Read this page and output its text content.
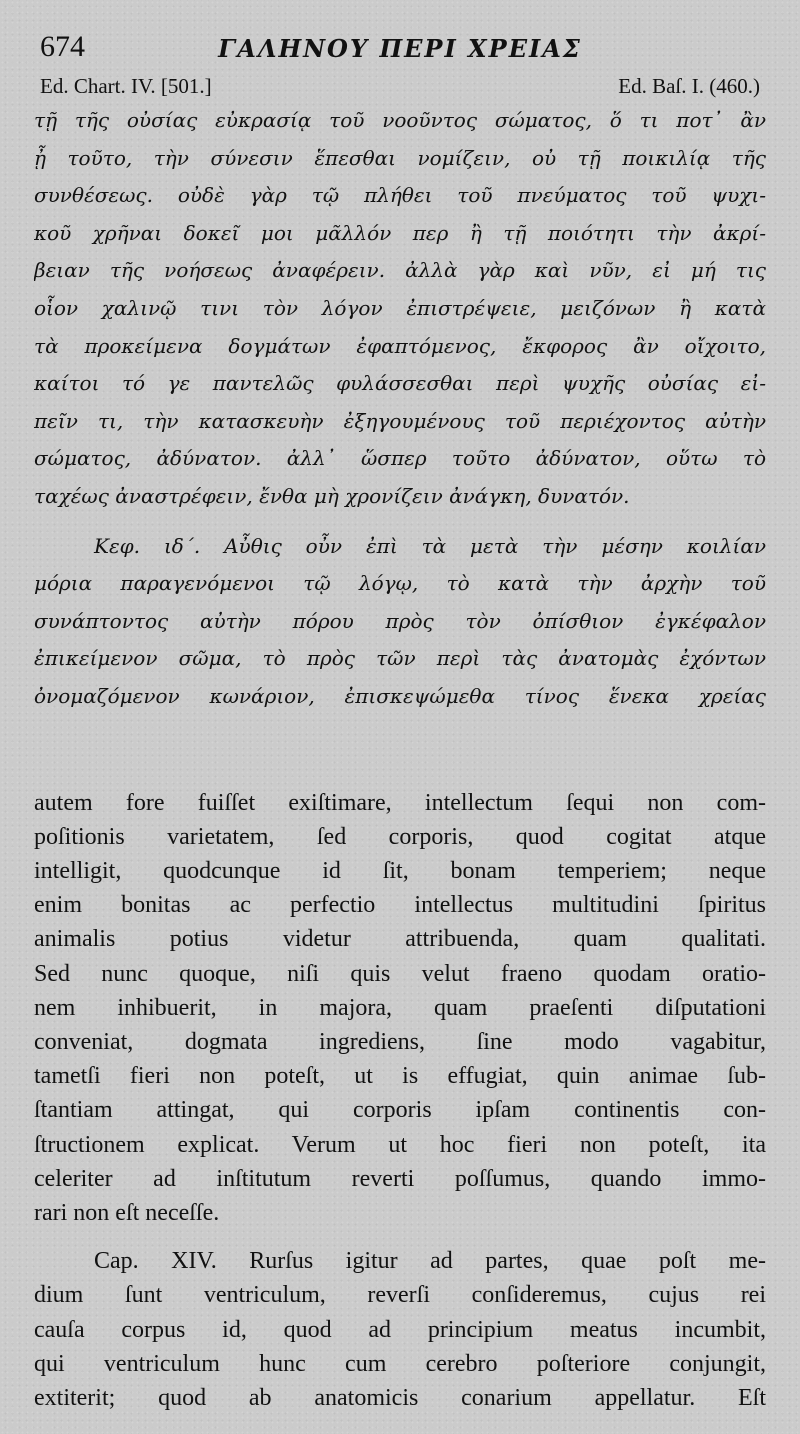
674	ΓΑΛΗΝΟΥ ΠΕΡΙ ΧΡΕΙΑΣ
Ed. Chart. IV. [501.]	Ed. Baſ. I. (460.)
τῇ τῆς οὐσίας εὐκρασίᾳ τοῦ νοοῦντος σώματος, ὅ τι ποτ᾽ ἂν
ᾖ τοῦτο, τὴν σύνεσιν ἕπεσθαι νομίζειν, οὐ τῇ ποικιλίᾳ τῆς
συνθέσεως. οὐδὲ γὰρ τῷ πλήθει τοῦ πνεύματος τοῦ ψυχι-
κοῦ χρῆναι δοκεῖ μοι μᾶλλόν περ ἢ τῇ ποιότητι τὴν ἀκρί-
βειαν τῆς νοήσεως ἀναφέρειν. ἀλλὰ γὰρ καὶ νῦν, εἰ μή τις
οἷον χαλινῷ τινι τὸν λόγον ἐπιστρέψειε, μειζόνων ἢ κατὰ
τὰ προκείμενα δογμάτων ἐφαπτόμενος, ἔκφορος ἂν οἴχοιτο,
καίτοι τό γε παντελῶς φυλάσσεσθαι περὶ ψυχῆς οὐσίας εἰ-
πεῖν τι, τὴν κατασκευὴν ἐξηγουμένους τοῦ περιέχοντος αὐτὴν
σώματος, ἀδύνατον. ἀλλ᾽ ὥσπερ τοῦτο ἀδύνατον, οὕτω τὸ
ταχέως ἀναστρέφειν, ἔνθα μὴ χρονίζειν ἀνάγκη, δυνατόν.
Κεφ. ιδ΄. Αὖθις οὖν ἐπὶ τὰ μετὰ τὴν μέσην κοιλίαν
μόρια παραγενόμενοι τῷ λόγῳ, τὸ κατὰ τὴν ἀρχὴν τοῦ
συνάπτοντος αὐτὴν πόρου πρὸς τὸν ὀπίσθιον ἐγκέφαλον
ἐπικείμενον σῶμα, τὸ πρὸς τῶν περὶ τὰς ἀνατομὰς ἐχόντων
ὀνομαζόμενον κωνάριον, ἐπισκεψώμεθα τίνος ἕνεκα χρείας
autem fore fuiſſet exiſtimare, intellectum ſequi non com-
poſitionis varietatem, ſed corporis, quod cogitat atque
intelligit, quodcunque id ſit, bonam temperiem; neque
enim bonitas ac perfectio intellectus multitudini ſpiritus
animalis potius videtur attribuenda, quam qualitati.
Sed nunc quoque, niſi quis velut fraeno quodam oratio-
nem inhibuerit, in majora, quam praeſenti diſputationi
conveniat, dogmata ingrediens, ſine modo vagabitur,
tametſi fieri non poteſt, ut is effugiat, quin animae ſub-
ſtantiam attingat, qui corporis ipſam continentis con-
ſtructionem explicat. Verum ut hoc fieri non poteſt, ita
celeriter ad inſtitutum reverti poſſumus, quando immo-
rari non eſt neceſſe.
Cap. XIV. Rurſus igitur ad partes, quae poſt me-
dium ſunt ventriculum, reverſi conſideremus, cujus rei
cauſa corpus id, quod ad principium meatus incumbit,
qui ventriculum hunc cum cerebro poſteriore conjungit,
extiterit; quod ab anatomicis conarium appellatur. Eſt
